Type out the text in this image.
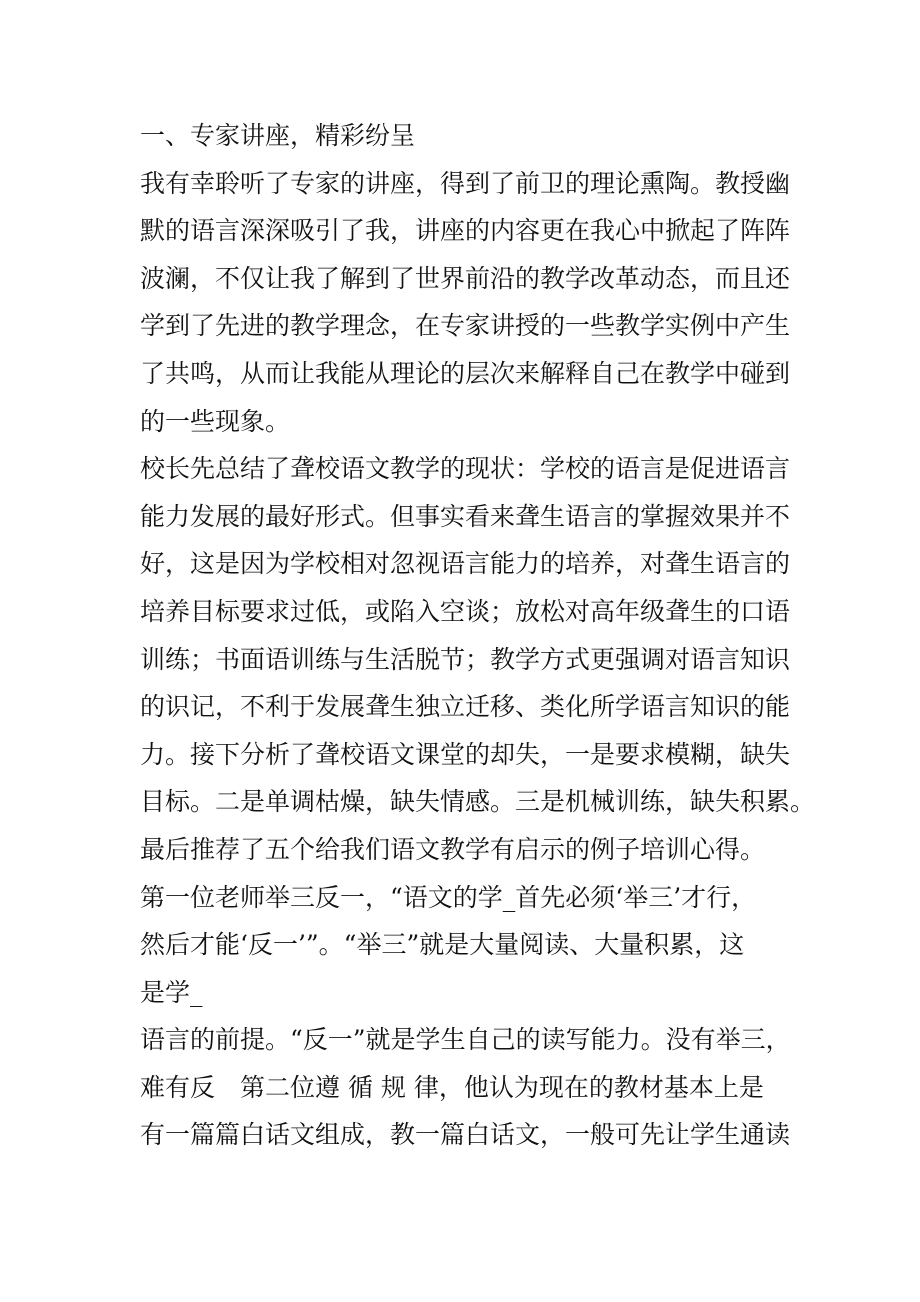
一、专家讲座，精彩纷呈
我有幸聆听了专家的讲座，得到了前卫的理论熏陶。教授幽
默的语言深深吸引了我，讲座的内容更在我心中掀起了阵阵
波澜，不仅让我了解到了世界前沿的教学改革动态，而且还
学到了先进的教学理念，在专家讲授的一些教学实例中产生
了共鸣，从而让我能从理论的层次来解释自己在教学中碰到
的一些现象。
校长先总结了聋校语文教学的现状：学校的语言是促进语言
能力发展的最好形式。但事实看来聋生语言的掌握效果并不
好，这是因为学校相对忽视语言能力的培养，对聋生语言的
培养目标要求过低，或陷入空谈；放松对高年级聋生的口语
训练；书面语训练与生活脱节；教学方式更强调对语言知识
的识记，不利于发展聋生独立迁移、类化所学语言知识的能
力。接下分析了聋校语文课堂的却失，一是要求模糊，缺失
目标。二是单调枯燥，缺失情感。三是机械训练，缺失积累。
最后推荐了五个给我们语文教学有启示的例子培训心得。
第一位老师举三反一，“语文的学_首先必须‘举三’才行，
然后才能‘反一’”。“举三”就是大量阅读、大量积累，这
是学_
语言的前提。“反一”就是学生自己的读写能力。没有举三，
难有反　第二位遵 循 规 律，他认为现在的教材基本上是
有一篇篇白话文组成，教一篇白话文，一般可先让学生通读
